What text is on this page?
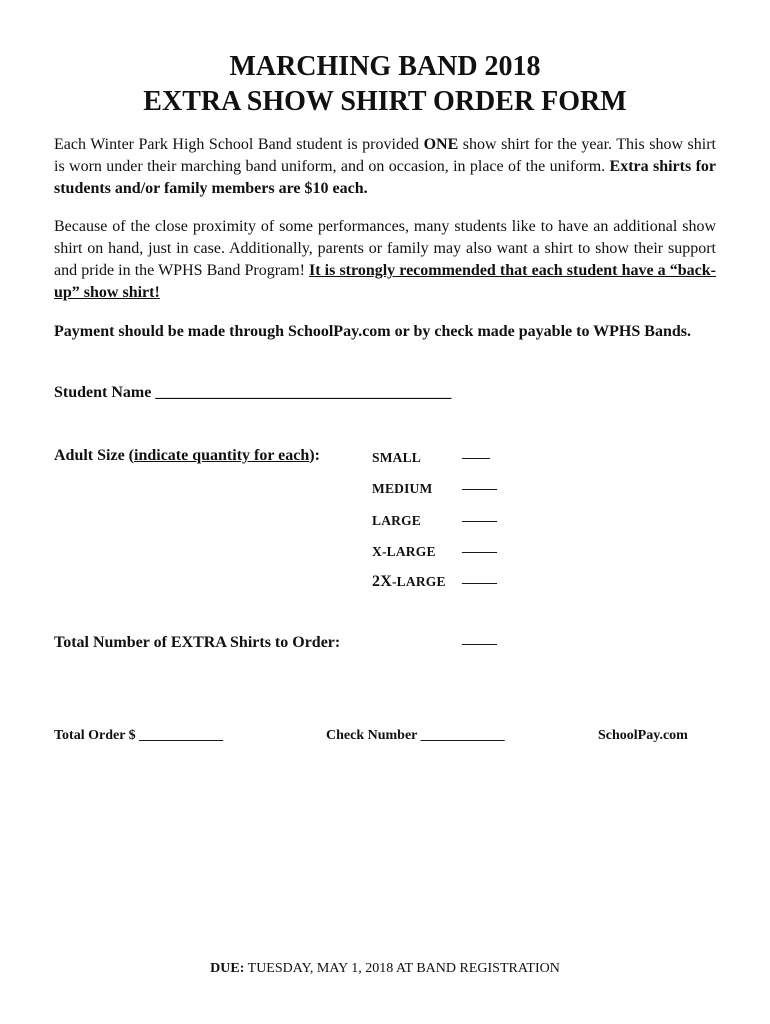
MARCHING BAND 2018
EXTRA SHOW SHIRT ORDER FORM
Each Winter Park High School Band student is provided ONE show shirt for the year. This show shirt is worn under their marching band uniform, and on occasion, in place of the uniform. Extra shirts for students and/or family members are $10 each.
Because of the close proximity of some performances, many students like to have an additional show shirt on hand, just in case. Additionally, parents or family may also want a shirt to show their support and pride in the WPHS Band Program! It is strongly recommended that each student have a “back-up” show shirt!
Payment should be made through SchoolPay.com or by check made payable to WPHS Bands.
Student Name _____________________________________
Adult Size (indicate quantity for each):	SMALL	____
MEDIUM _____
LARGE	_____
X-LARGE _____
2X-LARGE _____
Total Number of EXTRA Shirts to Order:	_____
Total Order $ ____________	Check Number ____________	SchoolPay.com
DUE: TUESDAY, MAY 1, 2018 AT BAND REGISTRATION
